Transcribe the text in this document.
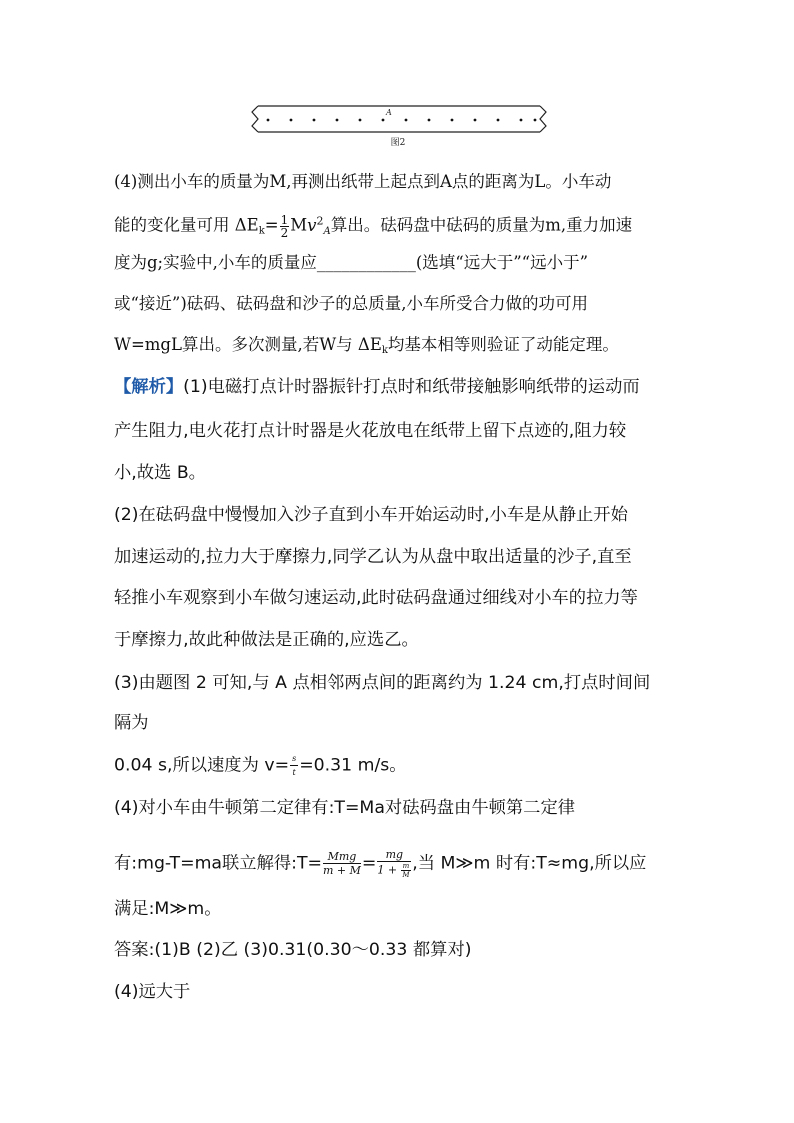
A
图2
(4)测出小车的质量为M,再测出纸带上起点到A点的距离为L。小车动
能的变化量可用 $\Delta E_k= \frac{1}{2} Mv^2_A$算出。砝码盘中砝码的质量为m,重力加速
度为g;实验中,小车的质量应____________(选填“远大于”“远小于”
或“接近”)砝码、砝码盘和沙子的总质量,小车所受合力做的功可用
W=mgL算出。多次测量,若W与 $\Delta E_k$均基本相等则验证了动能定理。
【解析】(1)电磁打点计时器振针打点时和纸带接触影响纸带的运动而
产生阻力,电火花打点计时器是火花放电在纸带上留下点迹的,阻力较
小,故选 B。
(2)在砝码盘中慢慢加入沙子直到小车开始运动时,小车是从静止开始
加速运动的,拉力大于摩擦力,同学乙认为从盘中取出适量的沙子,直至
轻推小车观察到小车做匀速运动,此时砝码盘通过细线对小车的拉力等
于摩擦力,故此种做法是正确的,应选乙。
(3)由题图 2 可知,与 A 点相邻两点间的距离约为 1.24 cm,打点时间间
隔为
0.04 s,所以速度为 $v= \frac{s}{t} =0.31$ m/s。
(4)对小车由牛顿第二定律有:T=Ma对砝码盘由牛顿第二定律
有:mg-T=ma联立解得:T= $\frac{\text{Mmg}}{m + M} = \frac{mg}{1 + \frac{m}{M}}$ ,当 M≫m 时有:T≈mg,所以应
满足:M≫m。
答案:(1)B (2)乙 (3)0.31(0.30～0.33 都算对)
(4)远大于
